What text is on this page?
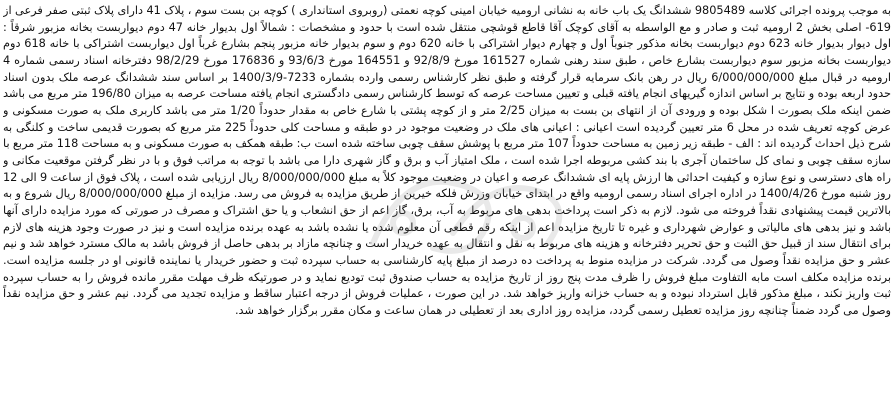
به موجب پرونده اجرائی کلاسه 9805489 ششدانگ یک باب خانه به نشانی ارومیه خیابان امینی کوچه نعمتی (روبروی استانداری ) کوچه بن بست سوم ، پلاک 41 دارای پلاک ثبتی صفر فرعی از 619- اصلی بخش 2 ارومیه ثبت و صادر و مع الواسطه به آقای کوچک آقا قاطع قوشچی منتقل شده است با حدود و مشخصات : شمالاً اول بدیوار خانه 47 دوم دیواربست بخانه مزبور شرقاً : اول دیوار بدیوار خانه 623 دوم دیواربست بخانه مذکور جنوباً اول و چهارم دیوار اشتراکی با خانه 620 دوم و سوم بدیوار خانه مزبور پنجم بشارع غرباً اول دیواربست اشتراکی با خانه 618 دوم دیواربست بخانه مزبور سوم دیواربست بشارع خاص ، طبق سند رهنی شماره 161527 مورخ 92/8/9 و 164551 مورخ 93/6/3 و 176836 مورخ 98/2/29 دفترخانه اسناد رسمی شماره 4 ارومیه در قبال مبلغ 6/000/000/000 ریال در رهن بانک سرمایه قرار گرفته و طبق نظر کارشناس رسمی وارده بشماره 7233-1400/3/9 بر اساس سند ششدانگ عرصه ملک بدون اسناد حدود اربعه بوده و نتایج بر اساس اندازه گیریهای انجام یافته قبلی و تعیین مساحت عرصه که توسط کارشناس رسمی دادگستری انجام یافته مساحت عرصه به میزان 196/80 متر مربع می باشد ضمن اینکه ملک بصورت ا شکل بوده و ورودی آن از انتهای بن بست به میزان 2/25 متر و از کوچه پشتی با شارع خاص به مقدار حدوداً 1/20 متر می باشد کاربری ملک به صورت مسکونی و عرض کوچه تعریف شده در محل 6 متر تعیین گردیده است اعیانی : اعیانی های ملک در وضعیت موجود در دو طبقه و مساحت کلی حدوداً 225 متر مربع که بصورت قدیمی ساخت و کلنگی به شرح ذیل احداث گردیده اند : الف - طبقه زیر زمین به مساحت حدوداً 107 متر مربع با پوشش سقف چوبی ساخته شده است ب: طبقه همکف به صورت مسکونی و به مساحت 118 متر مربع با سازه سقف چوبی و نمای کل ساختمان آجری با بند کشی مربوطه اجرا شده است ، ملک امتیاز آب و برق و گاز شهری دارا می باشد با توجه به مراتب فوق و با در نظر گرفتن موقعیت مکانی و راه های دسترسی و نوع سازه و کیفیت احداثی ها ارزش پایه ای ششدانگ عرصه و اعیان در وضعیت موجود کلاً به مبلغ 8/000/000/000 ریال ارزیابی شده است ، پلاک فوق از ساعت 9 الی 12 روز شنبه مورخ 1400/4/26 در اداره اجرای اسناد رسمی ارومیه واقع در ابتدای خیابان وزرش فلکه خیرین از طریق مزایده به فروش می رسد. مزایده از مبلغ 8/000/000/000 ریال شروع و به بالاترین قیمت پیشنهادی نقداً فروخته می شود. لازم به ذکر است پرداخت بدهی های مربوط به آب، برق، گاز اعم از حق انشعاب و یا حق اشتراک و مصرف در صورتی که مورد مزایده دارای آنها باشد و نیز بدهی های مالیاتی و عوارض شهرداری و غیره تا تاریخ مزایده اعم از اینکه رقم قطعی آن معلوم شده یا نشده باشد به عهده برنده مزایده است و نیز در صورت وجود هزینه های لازم برای انتقال سند از قبیل حق الثبت و حق تحریر دفترخانه و هزینه های مربوط به نقل و انتقال به عهده خریدار است و چنانچه مازاد بر بدهی حاصل از فروش باشد به مالک مسترد خواهد شد و نیم عشر و حق مزایده نقداً وصول می گردد. شرکت در مزایده منوط به پرداخت ده درصد از مبلغ پایه کارشناسی به حساب سپرده ثبت و حضور خریدار یا نماینده قانونی او در جلسه مزایده است. برنده مزایده مکلف است مابه التفاوت مبلغ فروش را ظرف مدت پنج روز از تاریخ مزایده به حساب صندوق ثبت تودیع نماید و در صورتیکه ظرف مهلت مقرر مانده فروش را به حساب سپرده ثبت واریز نکند ، مبلغ مذکور قابل استرداد نبوده و به حساب خزانه واریز خواهد شد. در این صورت ، عملیات فروش از درجه اعتبار ساقط و مزایده تجدید می گردد. نیم عشر و حق مزایده نقداً وصول می گردد ضمناً چنانچه روز مزایده تعطیل رسمی گردد، مزایده روز اداری بعد از تعطیلی در همان ساعت و مکان مقرر برگزار خواهد شد.
